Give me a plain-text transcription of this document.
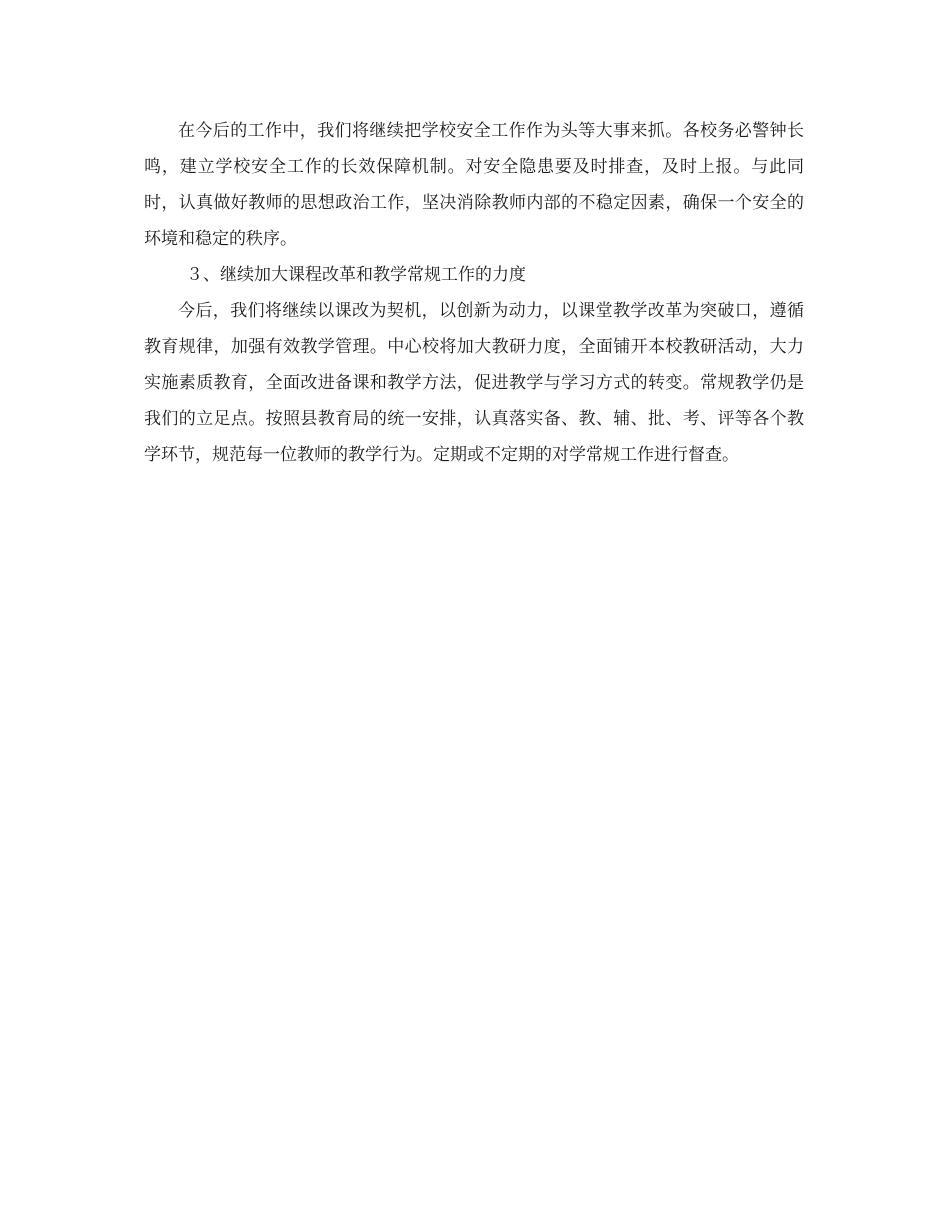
在今后的工作中，我们将继续把学校安全工作作为头等大事来抓。各校务必警钟长鸣，建立学校安全工作的长效保障机制。对安全隐患要及时排查，及时上报。与此同时，认真做好教师的思想政治工作，坚决消除教师内部的不稳定因素，确保一个安全的环境和稳定的秩序。

３、继续加大课程改革和教学常规工作的力度

今后，我们将继续以课改为契机，以创新为动力，以课堂教学改革为突破口，遵循教育规律，加强有效教学管理。中心校将加大教研力度，全面铺开本校教研活动，大力实施素质教育，全面改进备课和教学方法，促进教学与学习方式的转变。常规教学仍是我们的立足点。按照县教育局的统一安排，认真落实备、教、辅、批、考、评等各个教学环节，规范每一位教师的教学行为。定期或不定期的对学常规工作进行督查。
